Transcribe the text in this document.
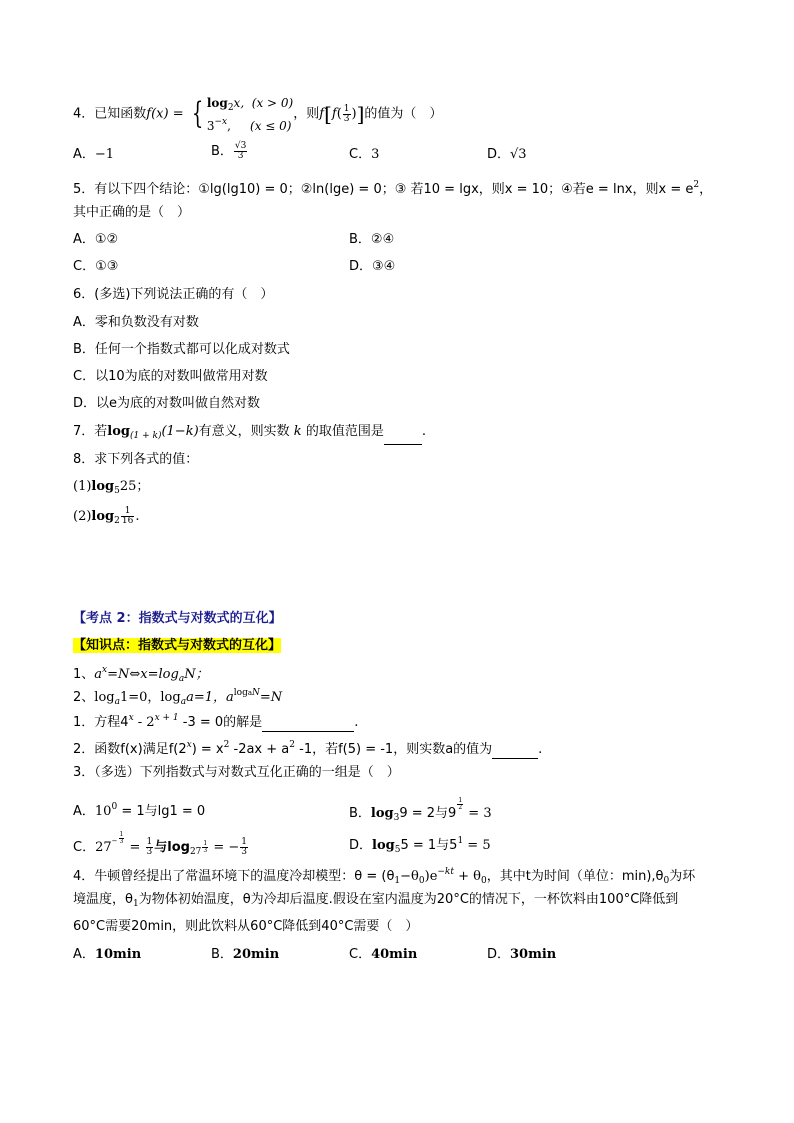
4．已知函数f(x) = { $\log_2x$, (x > 0)
$3^{-x}$, (x ≤ 0)
，则$f[f( \frac{1}{3}$ )]的值为（　）
A．−1	B． $\frac{√3}{3}$	C．3	D．√3
5．有以下四个结论：①lg(lg10) = 0；②ln(lge) = 0；③ 若10 = lgx，则x = 10；④若e = lnx，则$x = e^2$，
其中正确的是（　）
A．①②	B．②④
C．①③	D．③④
6．(多选)下列说法正确的有（　）
A．零和负数没有对数
B．任何一个指数式都可以化成对数式
C．以10为底的对数叫做常用对数
D．以e为底的对数叫做自然对数
7．若$\log_{(1 + k)}(1-k)$有意义，则实数 k 的取值范围是	.
8．求下列各式的值：
$(1)\log_525$；
$(2)\log_2 \frac{1}{16}$ .
【考点 2：指数式与对数式的互化】
【知识点：指数式与对数式的互化】
1、$a^x=N\Leftrightarrow x=\log_aN$；
2、$\log_a1=0$，$\log_aa=1$，$a^{logaN}=N$
1．方程$4^x - 2^{x + 1}$ -3 = 0的解是	.
2．函数f(x)满足$f(2^x) = x^2$ $-2ax + a^2$ -1，若f(5) = -1，则实数a的值为	.
3．（多选）下列指数式与对数式互化正确的一组是（　）
A．$10^0 = 1$与lg1 = 0	B．$\log_39 = 2$与9
$\frac{1}{2}$
= 3
C．$27^- \frac{1}{3}$
= $\frac{1}{3}$ 与$\log_{27} \frac{1}{3}$ = − $\frac{1}{3}$	D．$\log_55 = 1$与$5^1 = 5$
4．牛顿曾经提出了常温环境下的温度冷却模型：$\theta = (\theta_1-\theta_0)e^{-kt} + \theta_0$，其中t为时间（单位：$\min),\theta_0$为环
境温度，$\theta_1$为物体初始温度，θ为冷却后温度.假设在室内温度为20°C的情况下，一杯饮料由100°C降低到
60°C需要20min，则此饮料从60°C降低到40°C需要（　）
A．10min	B．20min	C．40min	D．30min
